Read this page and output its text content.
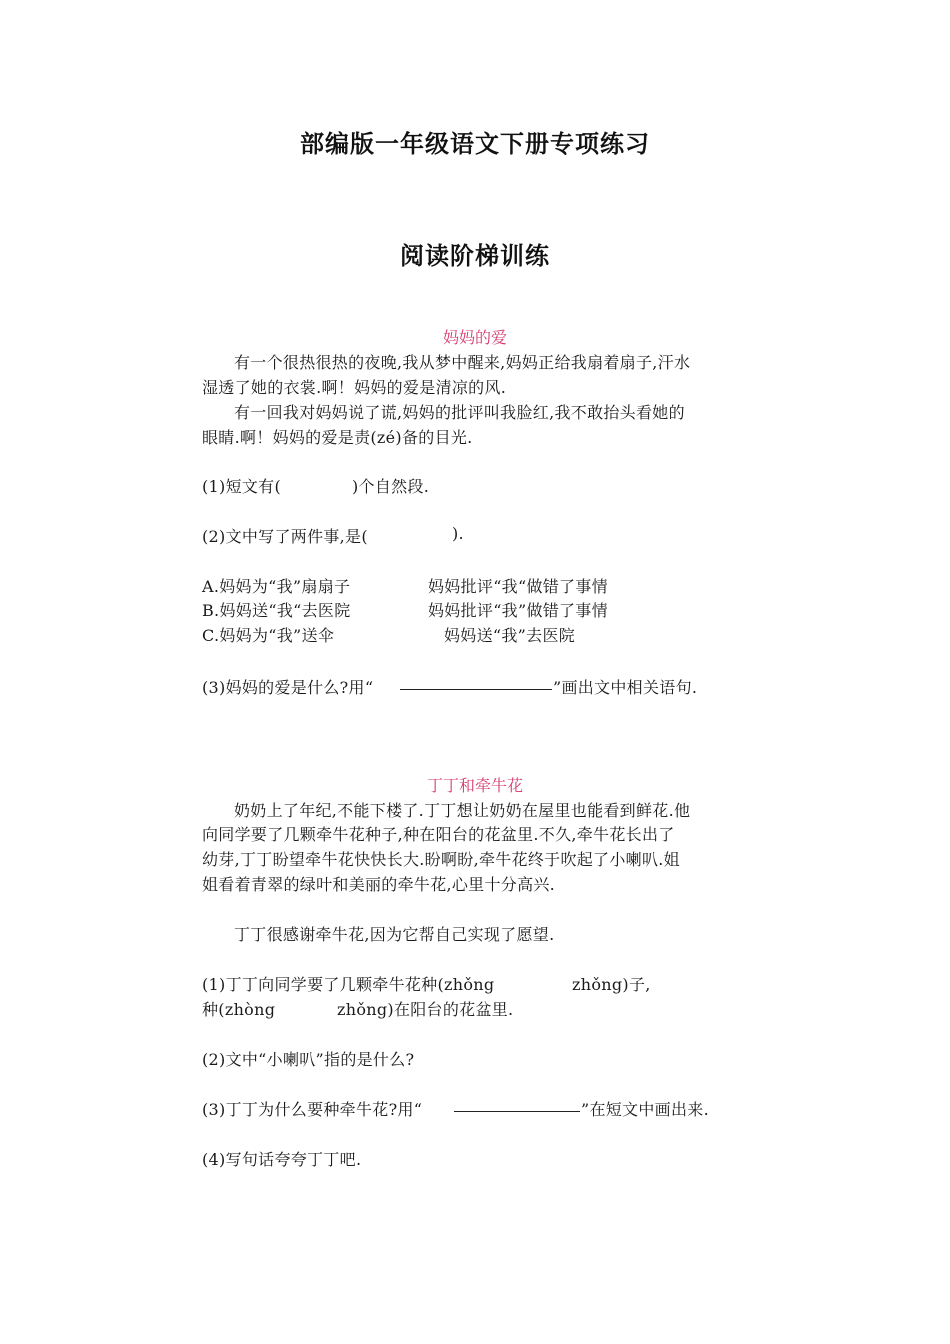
部编版一年级语文下册专项练习
阅读阶梯训练
妈妈的爱
有一个很热很热的夜晚,我从梦中醒来,妈妈正给我扇着扇子,汗水
湿透了她的衣裳.啊！妈妈的爱是清凉的风.
有一回我对妈妈说了谎,妈妈的批评叫我脸红,我不敢抬头看她的
眼睛.啊！妈妈的爱是责(zé)备的目光.
(1)短文有(	)个自然段.
(2)文中写了两件事,是(	).
A.妈妈为“我”扇扇子	妈妈批评“我“做错了事情
B.妈妈送“我“去医院	妈妈批评“我”做错了事情
C.妈妈为“我”送伞	妈妈送“我”去医院
(3)妈妈的爱是什么?用“	”画出文中相关语句.
丁丁和牵牛花
奶奶上了年纪,不能下楼了.丁丁想让奶奶在屋里也能看到鲜花.他
向同学要了几颗牵牛花种子,种在阳台的花盆里.不久,牵牛花长出了
幼芽,丁丁盼望牵牛花快快长大.盼啊盼,牵牛花终于吹起了小喇叭.姐
姐看着青翠的绿叶和美丽的牵牛花,心里十分高兴.
丁丁很感谢牵牛花,因为它帮自己实现了愿望.
(1)丁丁向同学要了几颗牵牛花种(zhǒng	zhǒng)子,
种(zhòng	zhǒng)在阳台的花盆里.
(2)文中“小喇叭”指的是什么?
(3)丁丁为什么要种牵牛花?用“	”在短文中画出来.
(4)写句话夸夸丁丁吧.
